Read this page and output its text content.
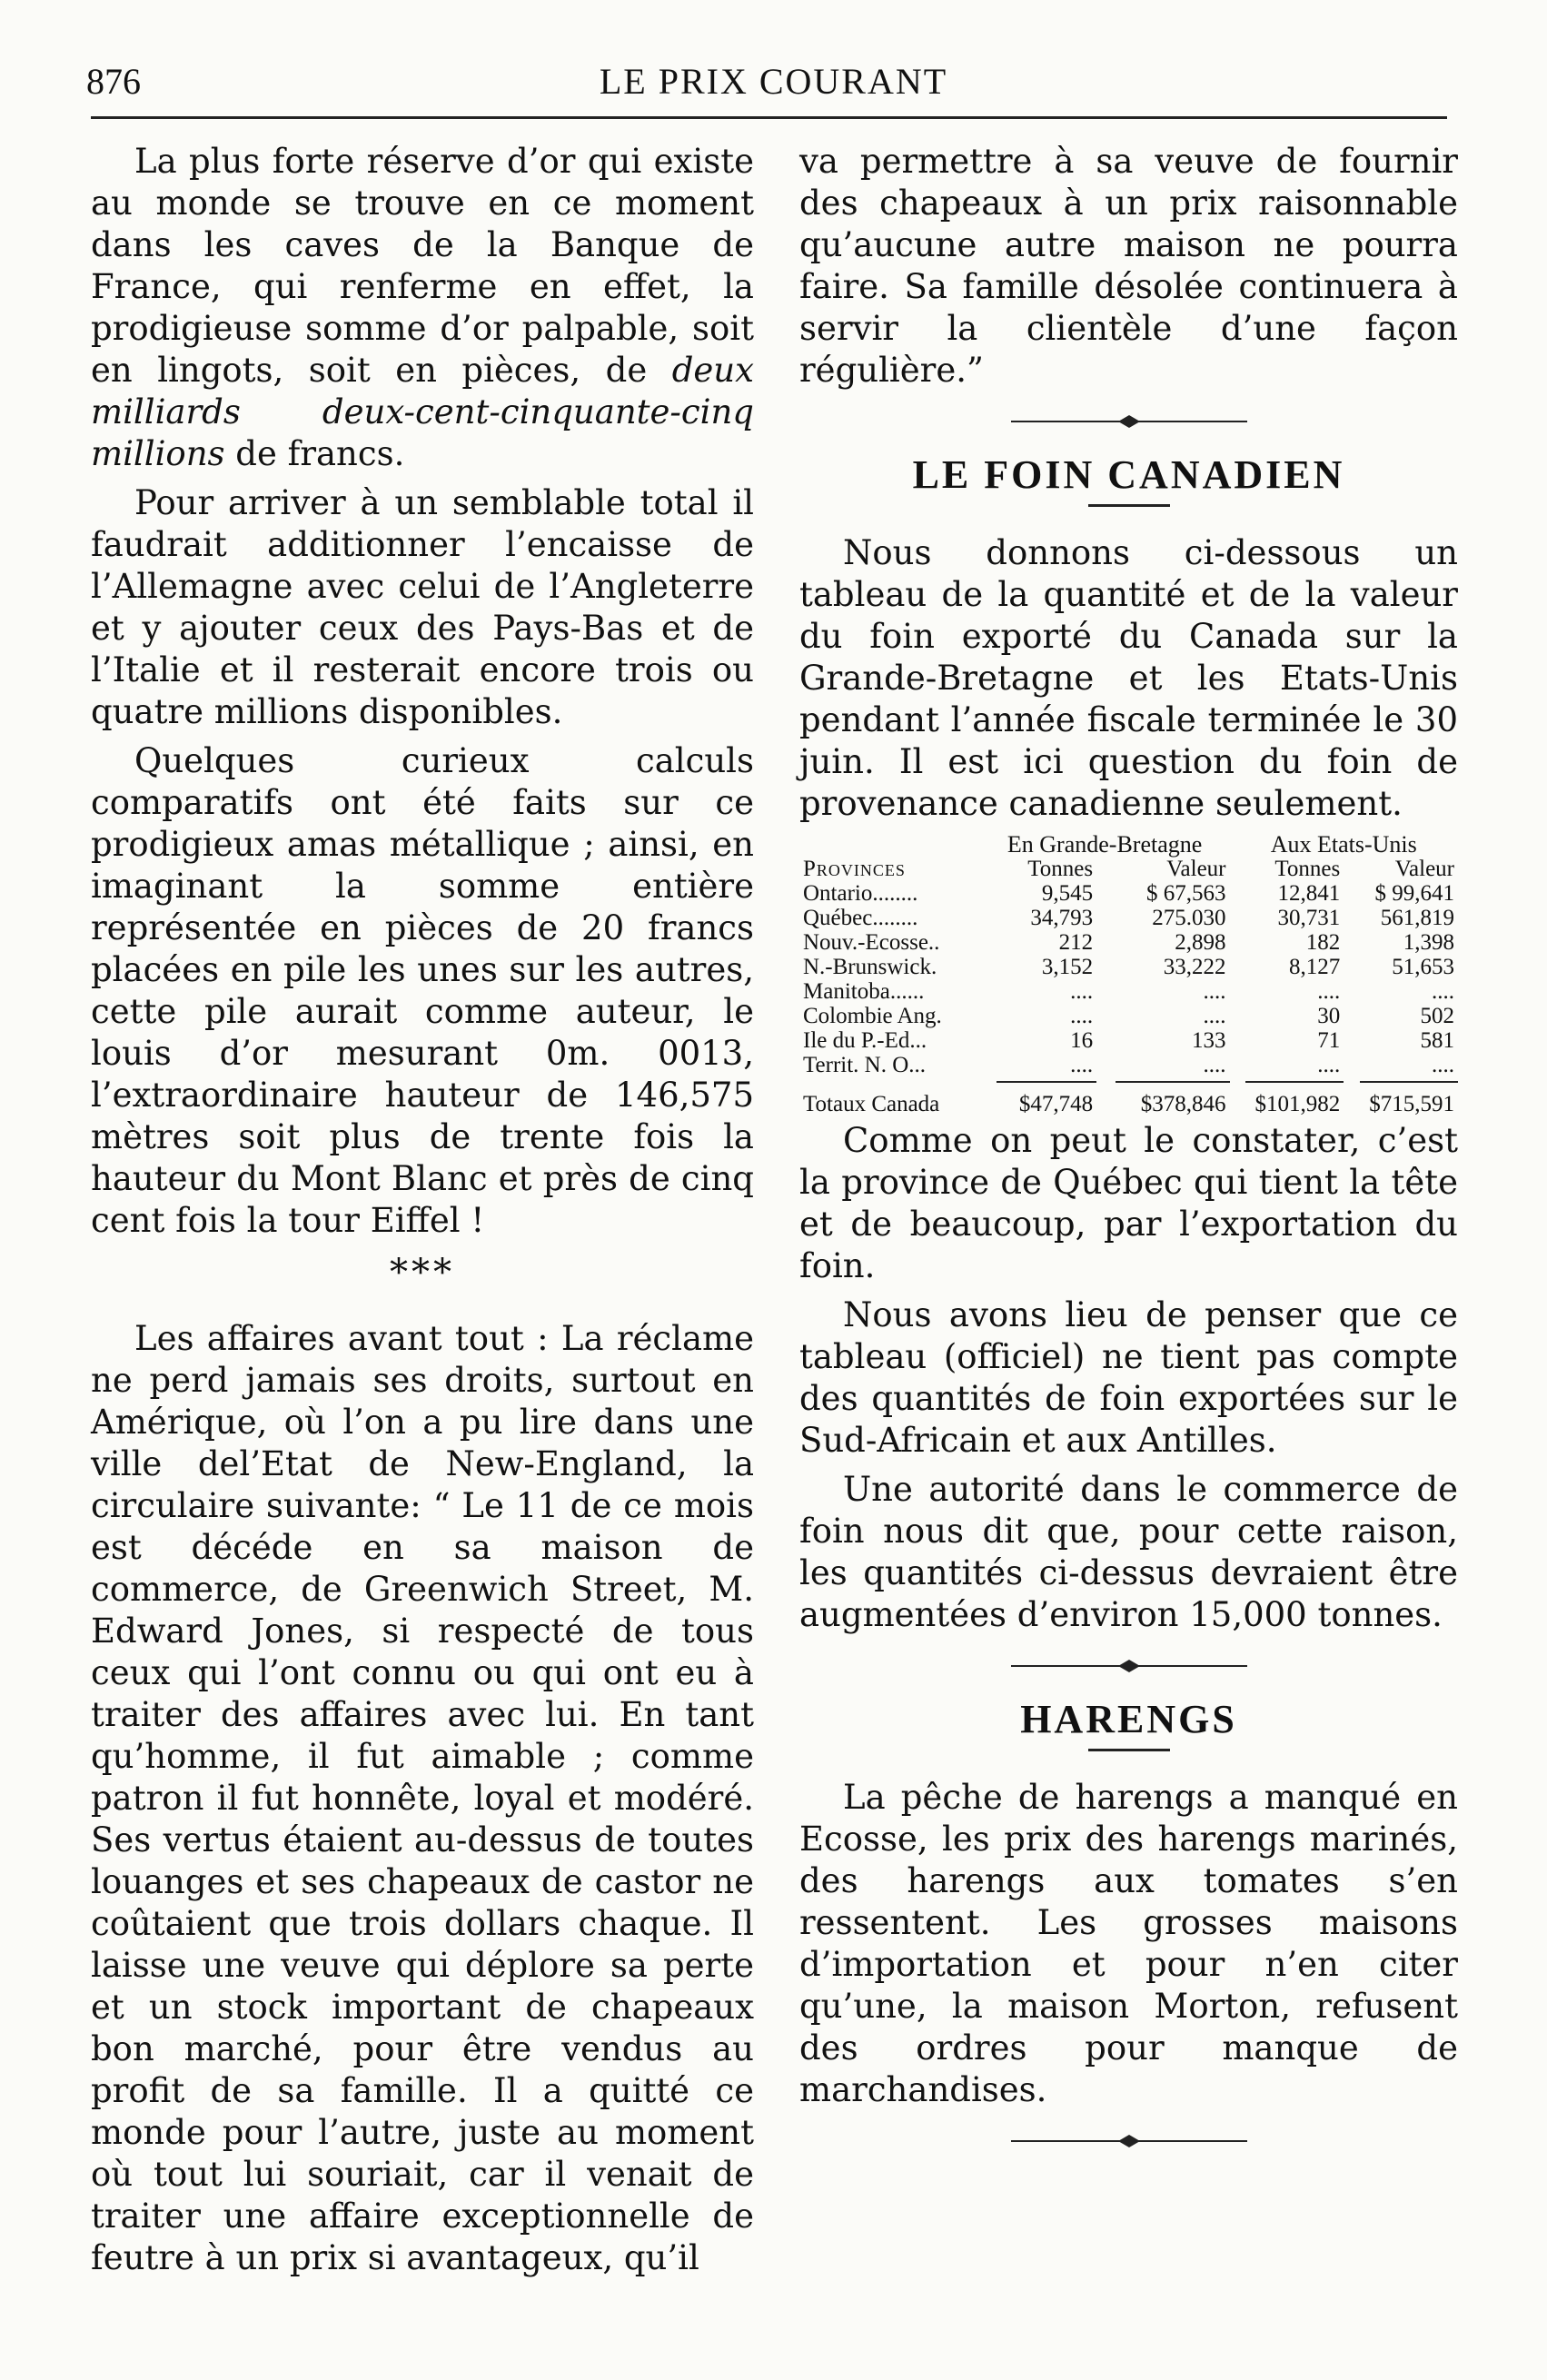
876	LE PRIX COURANT

La plus forte réserve d’or qui existe au monde se trouve en ce moment dans les caves de la Banque de France, qui renferme en effet, la prodigieuse somme d’or palpable, soit en lingots, soit en pièces, de deux milliards deux-cent-cinquante-cinq millions de francs.

Pour arriver à un semblable total il faudrait additionner l’encaisse de l’Allemagne avec celui de l’Angleterre et y ajouter ceux des Pays-Bas et de l’Italie et il resterait encore trois ou quatre millions disponibles.

Quelques curieux calculs comparatifs ont été faits sur ce prodigieux amas métallique ; ainsi, en imaginant la somme entière représentée en pièces de 20 francs placées en pile les unes sur les autres, cette pile aurait comme auteur, le louis d’or mesurant 0m. 0013, l’extraordinaire hauteur de 146,575 mètres soit plus de trente fois la hauteur du Mont Blanc et près de cinq cent fois la tour Eiffel !

***

Les affaires avant tout : La réclame ne perd jamais ses droits, surtout en Amérique, où l’on a pu lire dans une ville del’Etat de New-England, la circulaire suivante: “ Le 11 de ce mois est décéde en sa maison de commerce, de Greenwich Street, M. Edward Jones, si respecté de tous ceux qui l’ont connu ou qui ont eu à traiter des affaires avec lui. En tant qu’homme, il fut aimable ; comme patron il fut honnête, loyal et modéré. Ses vertus étaient au-dessus de toutes louanges et ses chapeaux de castor ne coûtaient que trois dollars chaque. Il laisse une veuve qui déplore sa perte et un stock important de chapeaux bon marché, pour être vendus au profit de sa famille. Il a quitté ce monde pour l’autre, juste au moment où tout lui souriait, car il venait de traiter une affaire exceptionnelle de feutre à un prix si avantageux, qu’il

va permettre à sa veuve de fournir des chapeaux à un prix raisonnable qu’aucune autre maison ne pourra faire. Sa famille désolée continuera à servir la clientèle d’une façon régulière.”

LE FOIN CANADIEN

Nous donnons ci-dessous un tableau de la quantité et de la valeur du foin exporté du Canada sur la Grande-Bretagne et les Etats-Unis pendant l’année fiscale terminée le 30 juin. Il est ici question du foin de provenance canadienne seulement.

	En Grande-Bretagne		Aux Etats-Unis	
Provinces	Tonnes	Valeur	Tonnes	Valeur
Ontario........	9,545	$ 67,563	12,841	$ 99,641
Québec........	34,793	275.030	30,731	561,819
Nouv.-Ecosse..	212	2,898	182	1,398
N.-Brunswick.	3,152	33,222	8,127	51,653
Manitoba......	....	....	....	....
Colombie Ang.	....	....	30	502
Ile du P.-Ed...	16	133	71	581
Territ. N. O...	....	....	....	....

Totaux Canada	$47,748	$378,846	$101,982	$715,591

Comme on peut le constater, c’est la province de Québec qui tient la tête et de beaucoup, par l’exportation du foin.

Nous avons lieu de penser que ce tableau (officiel) ne tient pas compte des quantités de foin exportées sur le Sud-Africain et aux Antilles.

Une autorité dans le commerce de foin nous dit que, pour cette raison, les quantités ci-dessus devraient être augmentées d’environ 15,000 tonnes.

HARENGS

La pêche de harengs a manqué en Ecosse, les prix des harengs marinés, des harengs aux tomates s’en ressentent. Les grosses maisons d’importation et pour n’en citer qu’une, la maison Morton, refusent des ordres pour manque de marchandises.
